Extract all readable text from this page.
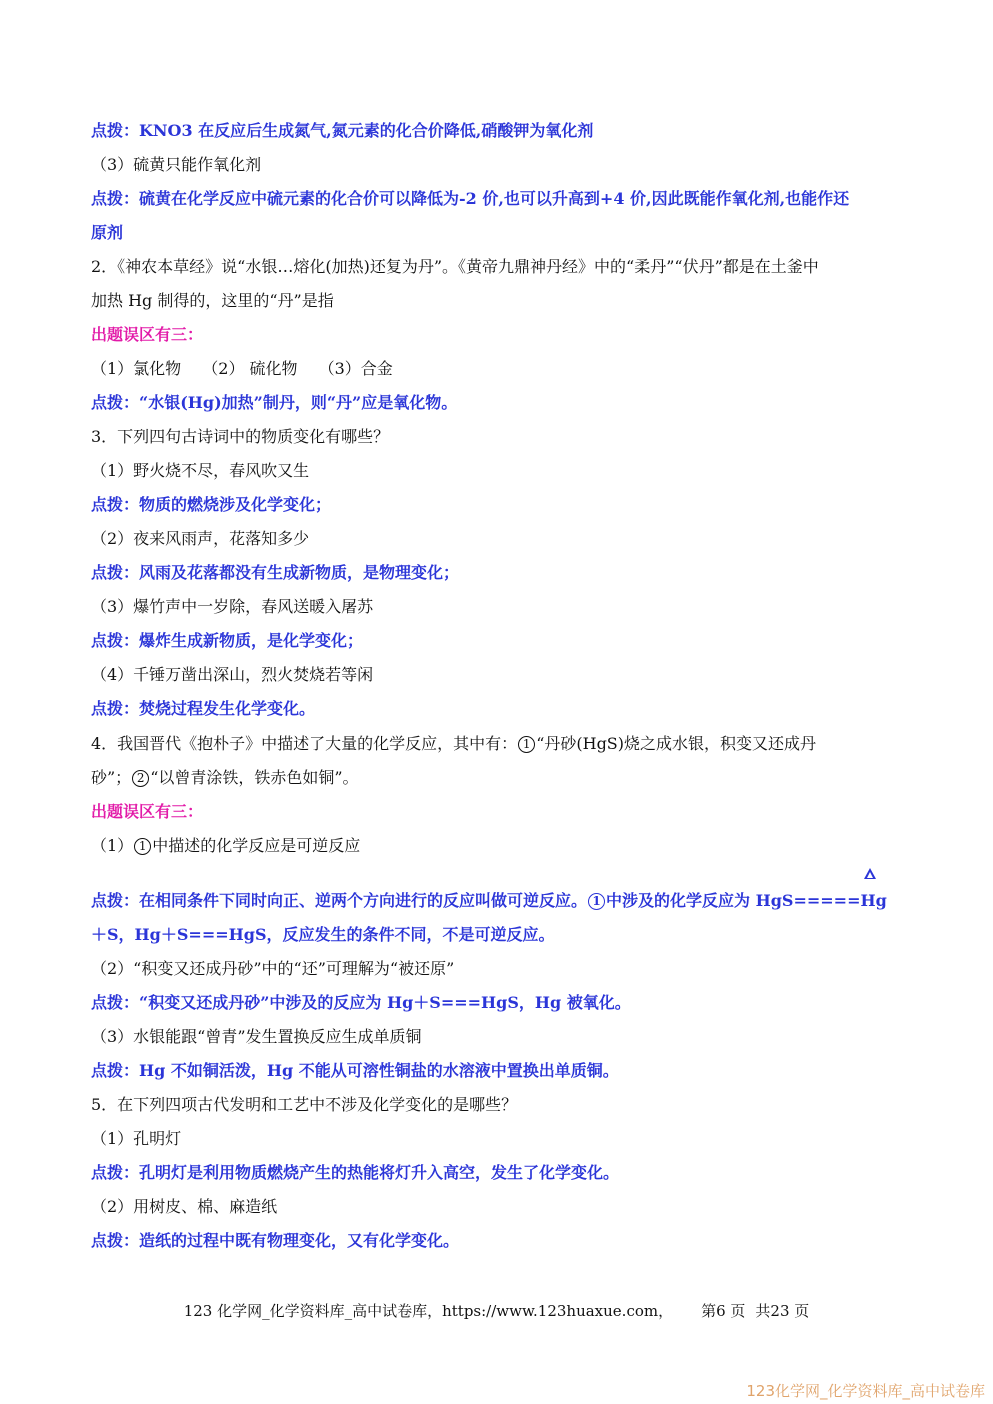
点拨：KNO3 在反应后生成氮气,氮元素的化合价降低,硝酸钾为氧化剂
（3）硫黄只能作氧化剂
点拨：硫黄在化学反应中硫元素的化合价可以降低为-2 价,也可以升高到+4 价,因此既能作氧化剂,也能作还
原剂
2．《神农本草经》说“水银…熔化(加热)还复为丹”。《黄帝九鼎神丹经》中的“柔丹”“伏丹”都是在土釜中
加热 Hg 制得的，这里的“丹”是指
出题误区有三：
（1）氯化物　 （2） 硫化物　 （3）合金
点拨：“水银(Hg)加热”制丹，则“丹”应是氧化物。
3．下列四句古诗词中的物质变化有哪些？
（1）野火烧不尽，春风吹又生
点拨：物质的燃烧涉及化学变化；
（2）夜来风雨声，花落知多少
点拨：风雨及花落都没有生成新物质，是物理变化；
（3）爆竹声中一岁除，春风送暖入屠苏
点拨：爆炸生成新物质，是化学变化；
（4）千锤万凿出深山，烈火焚烧若等闲
点拨：焚烧过程发生化学变化。
4．我国晋代《抱朴子》中描述了大量的化学反应，其中有： 1 “丹砂(HgS)烧之成水银，积变又还成丹
砂”； 2 “以曾青涂铁，铁赤色如铜”。
出题误区有三：
（1） 1 中描述的化学反应是可逆反应
点拨：在相同条件下同时向正、逆两个方向进行的反应叫做可逆反应。 1 中涉及的化学反应为 HgS=====Hg
＋S，Hg＋S===HgS，反应发生的条件不同，不是可逆反应。
（2）“积变又还成丹砂”中的“还”可理解为“被还原”
点拨：“积变又还成丹砂”中涉及的反应为 Hg＋S===HgS，Hg 被氧化。
（3）水银能跟“曾青”发生置换反应生成单质铜
点拨：Hg 不如铜活泼，Hg 不能从可溶性铜盐的水溶液中置换出单质铜。
5．在下列四项古代发明和工艺中不涉及化学变化的是哪些？
（1）孔明灯
点拨：孔明灯是利用物质燃烧产生的热能将灯升入高空，发生了化学变化。
（2）用树皮、棉、麻造纸
点拨：造纸的过程中既有物理变化，又有化学变化。
123 化学网_化学资料库_高中试卷库，https://www.123huaxue.com， 第6 页 共23 页
123化学网_化学资料库_高中试卷库
